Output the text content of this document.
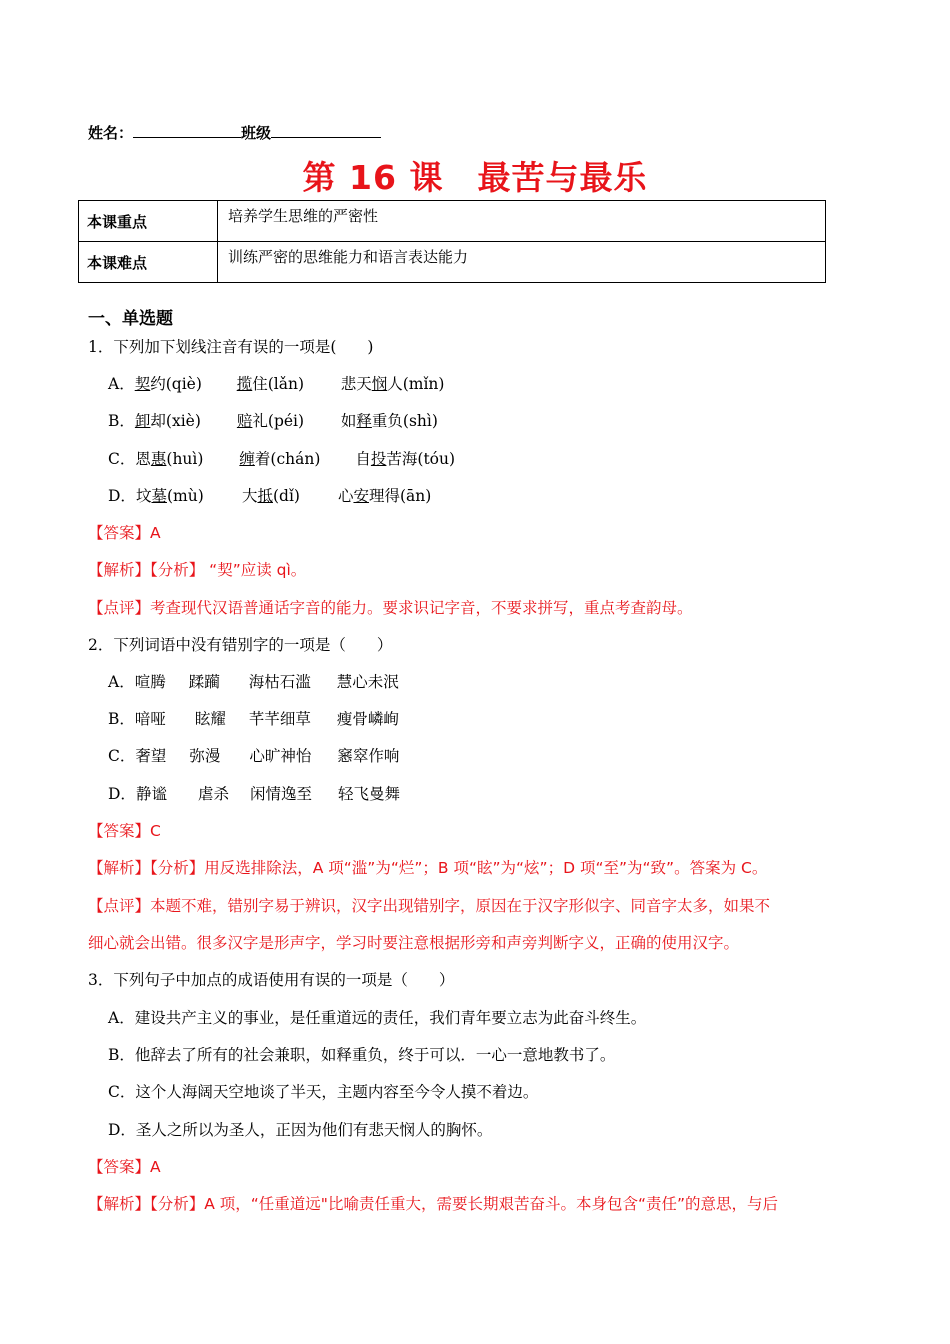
姓名：	班级
第 16 课 最苦与最乐
本课重点	培养学生思维的严密性
本课难点	训练严密的思维能力和语言表达能力
一、单选题
1．下列加下划线注音有误的一项是(　　)
A．契约(qiè) 揽住(lǎn) 悲天悯人(mǐn)
B．卸却(xiè) 赔礼(péi) 如释重负(shì)
C．恩惠(huì) 缠着(chán) 自投苦海(tóu)
D．坟墓(mù) 大抵(dǐ) 心安理得(ān)
【答案】A
【解析】【分析】 “契”应读 qì。
【点评】考查现代汉语普通话字音的能力。要求识记字音，不要求拼写，重点考查韵母。
2．下列词语中没有错别字的一项是（　　）
A．喧腾 蹂躏 海枯石滥 慧心未泯
B．喑哑 眩耀 芊芊细草 瘦骨嶙峋
C．奢望 弥漫 心旷神怡 窸窣作响
D．静谧 虐杀 闲情逸至 轻飞曼舞
【答案】C
【解析】【分析】用反选排除法，A 项“滥”为“烂”；B 项“眩”为“炫”；D 项“至”为“致”。答案为 C。
【点评】本题不难，错别字易于辨识，汉字出现错别字，原因在于汉字形似字、同音字太多，如果不
细心就会出错。很多汉字是形声字，学习时要注意根据形旁和声旁判断字义，正确的使用汉字。
3．下列句子中加点的成语使用有误的一项是（　　）
A．建设共产主义的事业，是任重道远的责任，我们青年要立志为此奋斗终生。
B．他辞去了所有的社会兼职，如释重负，终于可以．一心一意地教书了。
C．这个人海阔天空地谈了半天，主题内容至今令人摸不着边。
D．圣人之所以为圣人，正因为他们有悲天悯人的胸怀。
【答案】A
【解析】【分析】A 项，“任重道远"比喻责任重大，需要长期艰苦奋斗。本身包含“责任”的意思，与后
